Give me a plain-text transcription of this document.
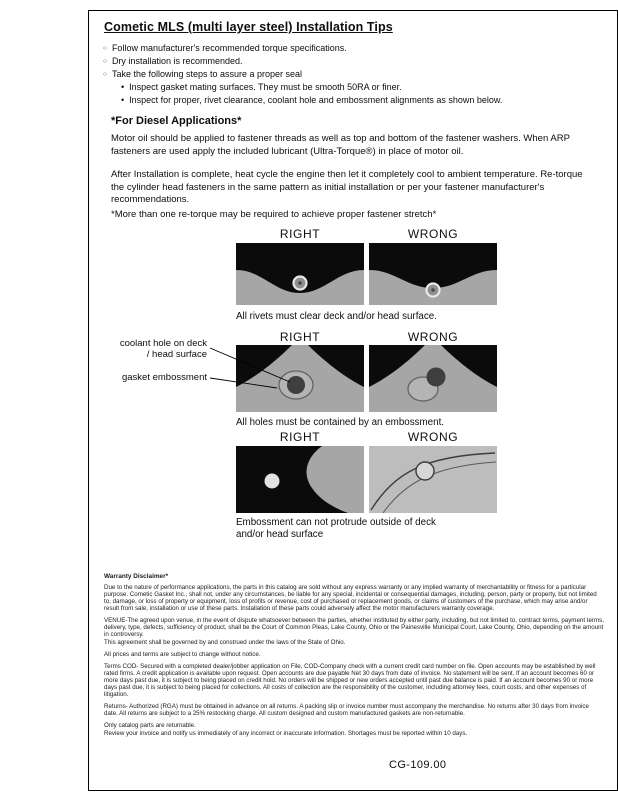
Cometic MLS (multi layer steel) Installation Tips
○ Follow manufacturer's recommended torque specifications.
○ Dry installation is recommended.
○ Take the following steps to assure a proper seal
• Inspect gasket mating surfaces. They must be smooth 50RA or finer.
• Inspect for proper, rivet clearance, coolant hole and embossment alignments as shown below.
*For Diesel Applications*
Motor oil should be applied to fastener threads as well as top and bottom of the fastener washers. When ARP fasteners are used apply the included lubricant (Ultra-Torque®) in place of motor oil.
After Installation is complete, heat cycle the engine then let it completely cool to ambient temperature. Re-torque the cylinder head fasteners in the same pattern as initial installation or per your fastener manufacturer's recommendations.
*More than one re-torque may be required to achieve proper fastener stretch*
RIGHT	WRONG
All rivets must clear deck and/or head surface.
RIGHT	WRONG
coolant hole on deck / head surface
gasket embossment
All holes must be contained by an embossment.
RIGHT	WRONG
Embossment can not protrude outside of deck and/or head surface
Warranty Disclaimer*
Due to the nature of performance applications, the parts in this catalog are sold without any express warranty or any implied warranty of merchantability or fitness for a particular purpose. Cometic Gasket Inc., shall not, under any circumstances, be liable for any special, incidental or consequential damages, including, person, party or property, but not limited to, damage, or loss of property or equipment, loss of profits or revenue, cost of purchased or replacement goods, or claims of customers of the purchase, which may arise and/or result from sale, installation or use of these parts. Installation of these parts could adversely affect the motor manufacturers warranty coverage.
VENUE-The agreed upon venue, in the event of dispute whatsoever between the parties, whether instituted by either party, including, but not limited to, contract terms, payment terms, delivery, type, defects, sufficiency of product, shall be the Court of Common Pleas, Lake County, Ohio or the Painesville Municipal Court, Lake County, Ohio, depending on the amount in controversy.
This agreement shall be governed by and construed under the laws of the State of Ohio.
All prices and terms are subject to change without notice.
Terms COD- Secured with a completed dealer/jobber application on File, COD-Company check with a current credit card number on file. Open accounts may be established by well rated firms. A credit application is available upon request. Open accounts are due payable Net 30 days from date of invoice. No statement will be sent. If an account becomes 60 or more days past due, it is subject to being placed on credit hold. No orders will be shipped or new orders accepted until past due balance is paid. If an account becomes 90 or more days past due, it is subject to being placed for collections. All costs of collection are the responsibility of the customer, including attorney fees, court costs, and other expenses of litigation.
Returns- Authorized (RGA) must be obtained in advance on all returns. A packing slip or invoice number must accompany the merchandise. No returns after 30 days from invoice date. All returns are subject to a 25% restocking charge. All custom designed and custom manufactured gaskets are non-returnable.
Only catalog parts are returnable.
Review your invoice and notify us immediately of any incorrect or inaccurate information. Shortages must be reported within 10 days.
CG-109.00
